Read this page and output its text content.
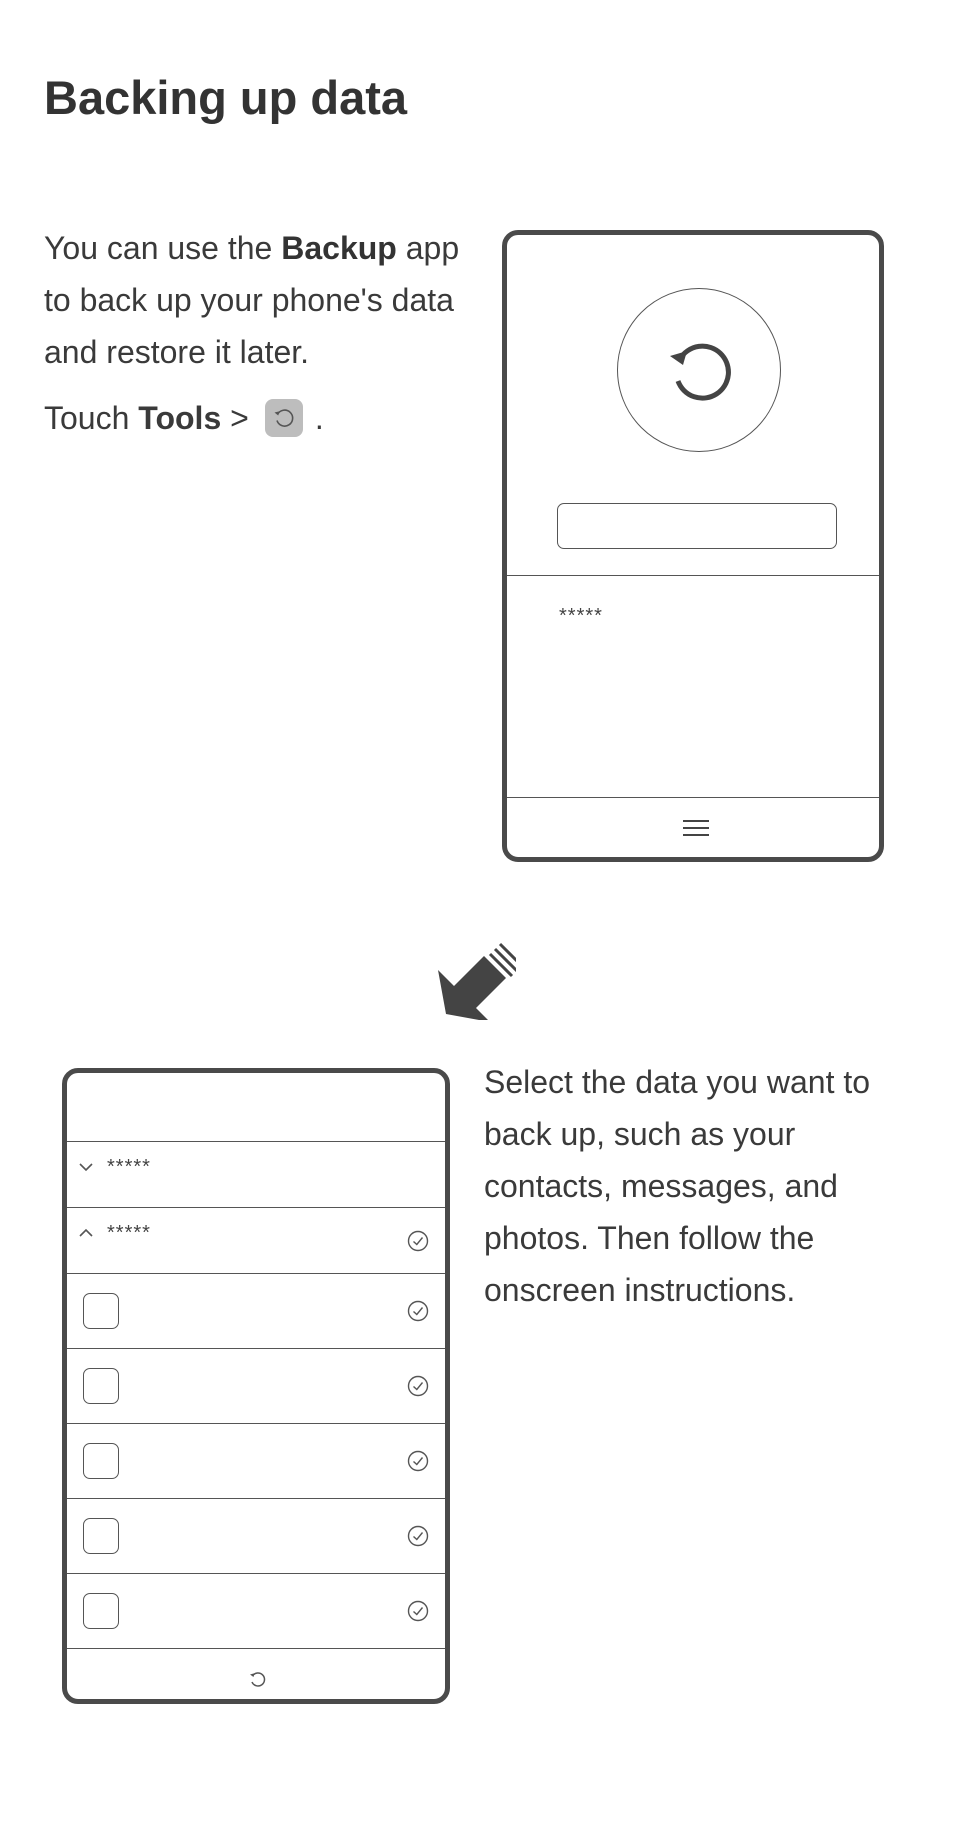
Backing up data

You can use the Backup app to back up your phone's data and restore it later.

Touch Tools > .

*****
*****
*****

Select the data you want to back up, such as your contacts, messages, and photos. Then follow the onscreen instructions.
